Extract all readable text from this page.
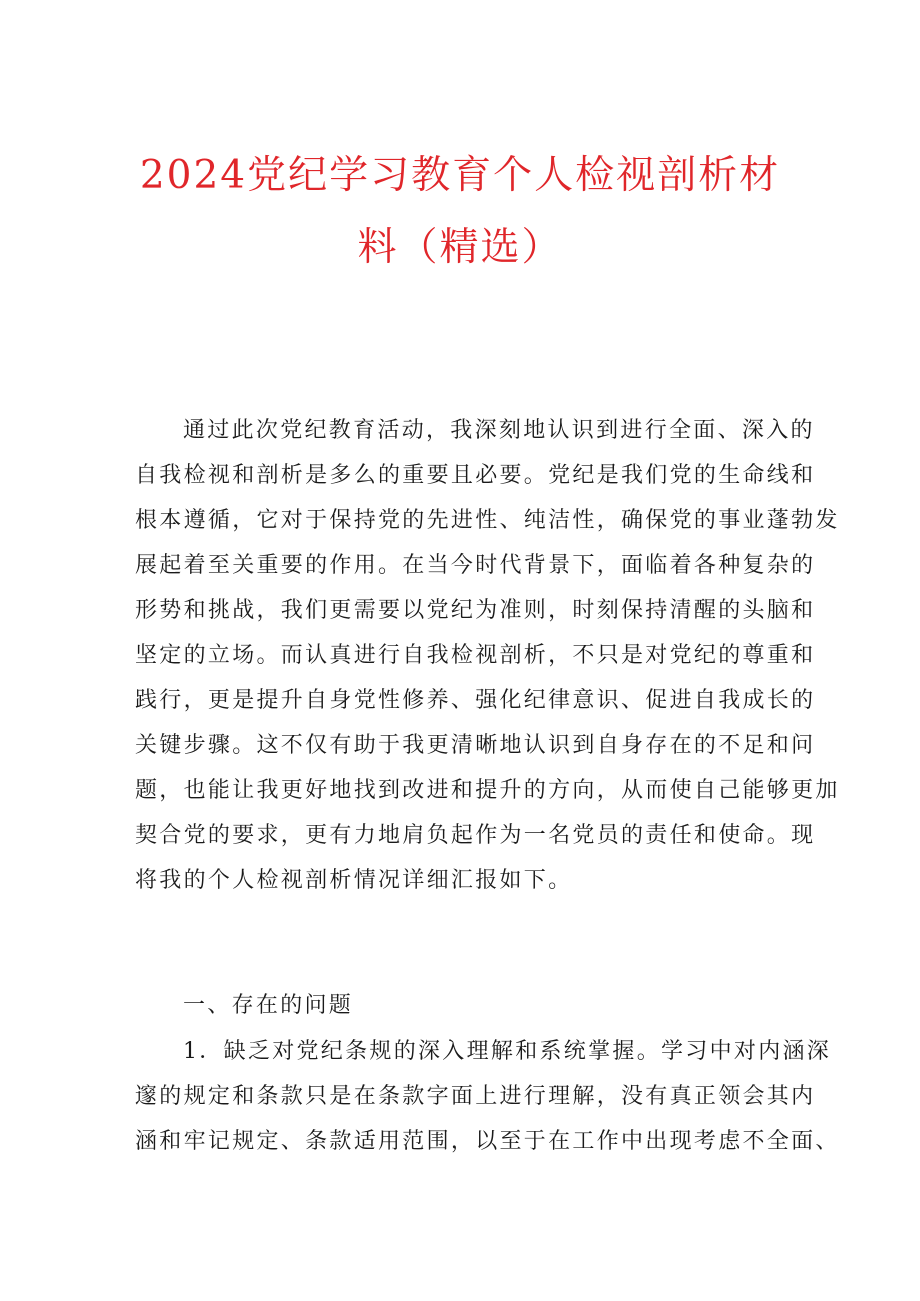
2024党纪学习教育个人检视剖析材
料（精选）
通过此次党纪教育活动，我深刻地认识到进行全面、深入的
自我检视和剖析是多么的重要且必要。党纪是我们党的生命线和
根本遵循，它对于保持党的先进性、纯洁性，确保党的事业蓬勃发
展起着至关重要的作用。在当今时代背景下，面临着各种复杂的
形势和挑战，我们更需要以党纪为准则，时刻保持清醒的头脑和
坚定的立场。而认真进行自我检视剖析，不只是对党纪的尊重和
践行，更是提升自身党性修养、强化纪律意识、促进自我成长的
关键步骤。这不仅有助于我更清晰地认识到自身存在的不足和问
题，也能让我更好地找到改进和提升的方向，从而使自己能够更加
契合党的要求，更有力地肩负起作为一名党员的责任和使命。现
将我的个人检视剖析情况详细汇报如下。
一、存在的问题
1．缺乏对党纪条规的深入理解和系统掌握。学习中对内涵深
邃的规定和条款只是在条款字面上进行理解，没有真正领会其内
涵和牢记规定、条款适用范围，以至于在工作中出现考虑不全面、
